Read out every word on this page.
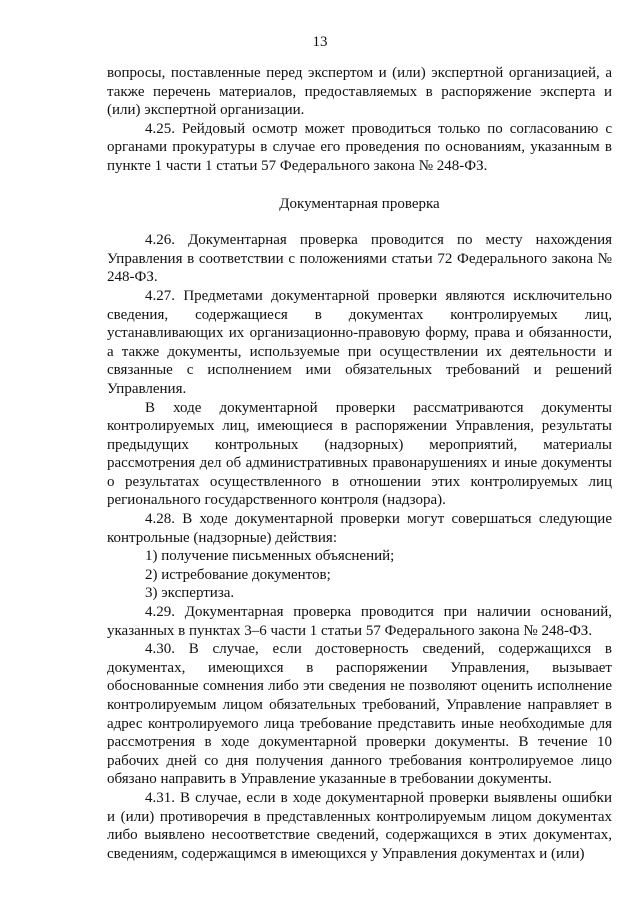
13

вопросы, поставленные перед экспертом и (или) экспертной организацией, а также перечень материалов, предоставляемых в распоряжение эксперта и (или) экспертной организации.

4.25. Рейдовый осмотр может проводиться только по согласованию с органами прокуратуры в случае его проведения по основаниям, указанным в пункте 1 части 1 статьи 57 Федерального закона № 248-ФЗ.

Документарная проверка

4.26. Документарная проверка проводится по месту нахождения Управления в соответствии с положениями статьи 72 Федерального закона № 248-ФЗ.

4.27. Предметами документарной проверки являются исключительно сведения, содержащиеся в документах контролируемых лиц, устанавливающих их организационно-правовую форму, права и обязанности, а также документы, используемые при осуществлении их деятельности и связанные с исполнением ими обязательных требований и решений Управления.

В ходе документарной проверки рассматриваются документы контролируемых лиц, имеющиеся в распоряжении Управления, результаты предыдущих контрольных (надзорных) мероприятий, материалы рассмотрения дел об административных правонарушениях и иные документы о результатах осуществленного в отношении этих контролируемых лиц регионального государственного контроля (надзора).

4.28. В ходе документарной проверки могут совершаться следующие контрольные (надзорные) действия:

1) получение письменных объяснений;

2) истребование документов;

3) экспертиза.

4.29. Документарная проверка проводится при наличии оснований, указанных в пунктах 3–6 части 1 статьи 57 Федерального закона № 248-ФЗ.

4.30. В случае, если достоверность сведений, содержащихся в документах, имеющихся в распоряжении Управления, вызывает обоснованные сомнения либо эти сведения не позволяют оценить исполнение контролируемым лицом обязательных требований, Управление направляет в адрес контролируемого лица требование представить иные необходимые для рассмотрения в ходе документарной проверки документы. В течение 10 рабочих дней со дня получения данного требования контролируемое лицо обязано направить в Управление указанные в требовании документы.

4.31. В случае, если в ходе документарной проверки выявлены ошибки и (или) противоречия в представленных контролируемым лицом документах либо выявлено несоответствие сведений, содержащихся в этих документах, сведениям, содержащимся в имеющихся у Управления документах и (или)
